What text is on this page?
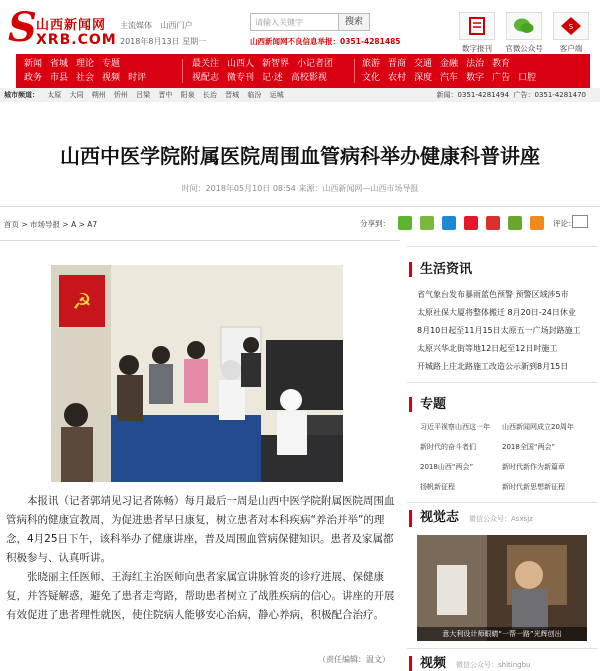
S 山西新闻网
XRB.COM
主流媒体 山西门户
2018年8月13日 星期一
请输入关键字	搜索
山西新闻网不良信息举报：0351-4281485
数字报刊	官微公众号
S
客户端
新闻 省城 理论 专题
政务 市县 社会 视频 时评
最关注 山西人 新智界 小记者团
视配志 微专刊 记·述 高校影视
旅游 晋商 交通 金融 法治 教育
文化 农村 深度 汽车 数字 广告 口腔
城市频道： 太原 大同 朔州 忻州 吕梁 晋中 阳泉 长治 晋城 临汾 运城	新闻：0351-4281494 广告：0351-4281470
山西中医学院附属医院周围血管病科举办健康科普讲座
时间：2018年05月10日 08:54 来源：山西新闻网—山西市场导报
首页 > 市场导报 > A > A7	分享到：	评论：
☭

本报讯（记者郭靖见习记者陈畅）每月最后一周是山西中医学院附属医院周围血管病科的健康宣教周，为促进患者早日康复，树立患者对本科疾病“养治并举”的理念，4月25日下午，该科举办了健康讲座，普及周围血管病保健知识。患者及家属都积极参与、认真听讲。

张晓丽主任医师、王海红主治医师向患者家属宣讲脉管炎的诊疗进展、保健康复，并答疑解惑，避免了患者走弯路，帮助患者树立了战胜疾病的信心。讲座的开展有效促进了患者理性就医，使住院病人能够安心治病，静心养病，积极配合治疗。

（责任编辑：温文）
生活资讯
省气象台发布暴雨蓝色预警 预警区域涉5市
太原社保大厦将整体搬迁 8月20日-24日休业
8月10日起至11月15日太原五一广场封路施工
太原兴华北街等地12日起至12日时施工
开城路上庄北路施工改造公示新到8月15日
专题
习近平视察山西这一年	山西新闻网成立20周年
新时代的奋斗者们	2018全国“两会”
2018山西“两会”	新时代新作为新篇章
扬帆新征程	新时代新思想新征程
视觉志 微信公众号：Asxsjz
意大利设计师眼睛“一帮一路”光辉创出
视频 微信公众号：shitingbu
